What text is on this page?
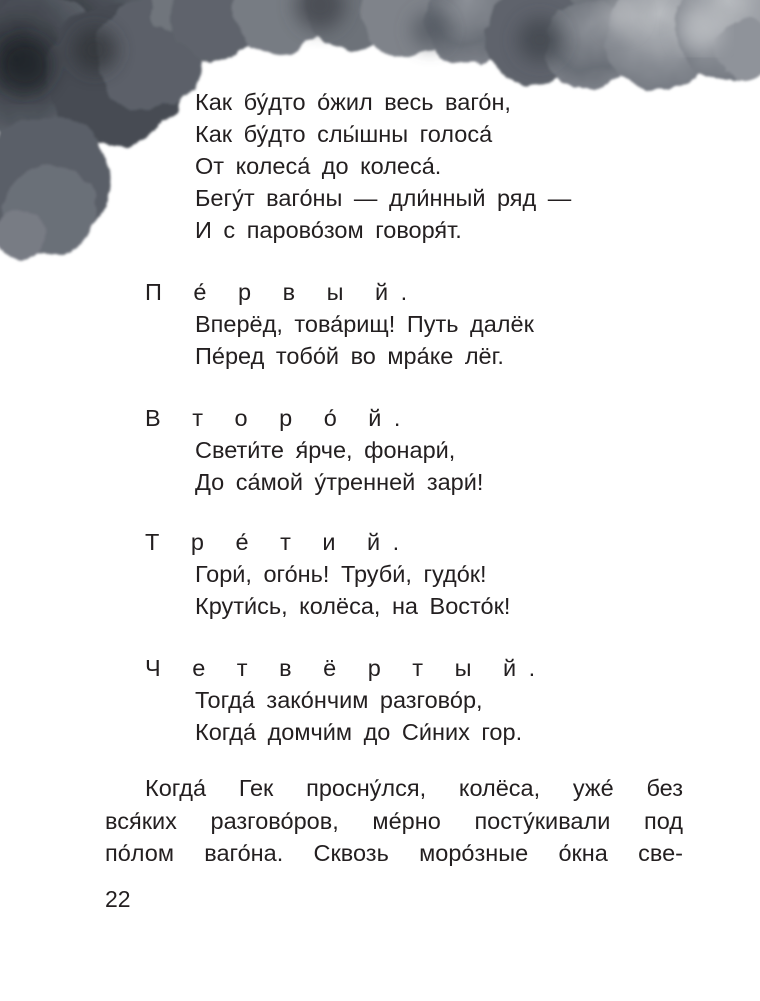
Как бу́дто о́жил весь ваго́н,
Как бу́дто слы́шны голоса́
От колеса́ до колеса́.
Бегу́т ваго́ны — дли́нный ряд —
И с парово́зом говоря́т.
П е́ р в ы й.
Вперёд, това́рищ! Путь далёк
Пе́ред тобо́й во мра́ке лёг.
В т о р о́ й.
Свети́те я́рче, фонари́,
До са́мой у́тренней зари́!
Т р е́ т и й.
Гори́, ого́нь! Труби́, гудо́к!
Крути́сь, колёса, на Восто́к!
Ч е т в ё р т ы й.
Тогда́ зако́нчим разгово́р,
Когда́ домчи́м до Си́них гор.
Когда́ Гек просну́лся, колёса, уже́ без
вся́ких разгово́ров, ме́рно посту́кивали под
по́лом ваго́на. Сквозь моро́зные о́кна све-
22
